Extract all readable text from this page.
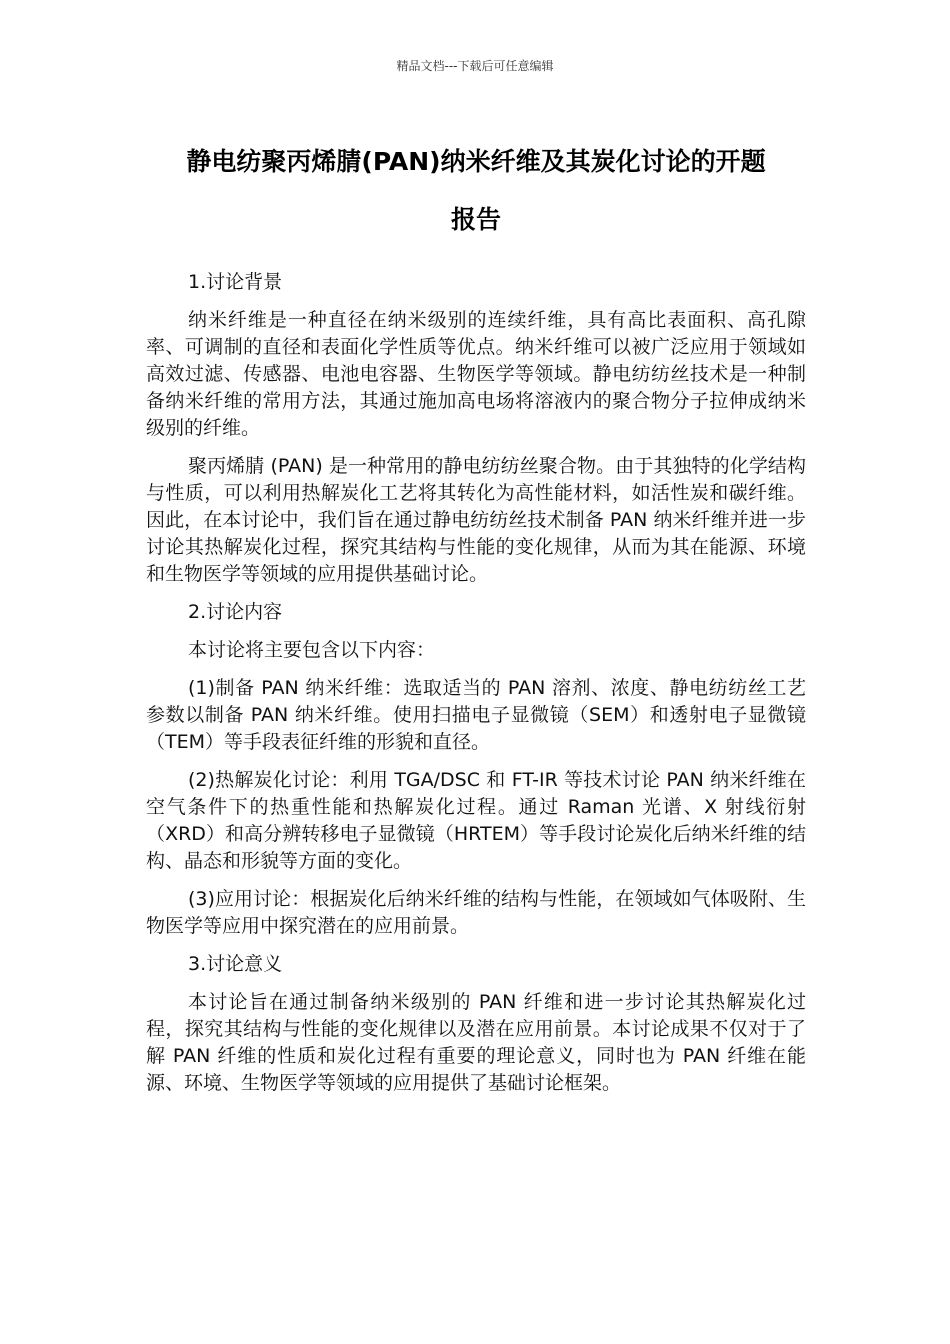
精品文档---下载后可任意编辑
静电纺聚丙烯腈(PAN)纳米纤维及其炭化讨论的开题
报告

1.讨论背景

纳米纤维是一种直径在纳米级别的连续纤维，具有高比表面积、高孔隙率、可调制的直径和表面化学性质等优点。纳米纤维可以被广泛应用于领域如高效过滤、传感器、电池电容器、生物医学等领域。静电纺纺丝技术是一种制备纳米纤维的常用方法，其通过施加高电场将溶液内的聚合物分子拉伸成纳米级别的纤维。

聚丙烯腈 (PAN) 是一种常用的静电纺纺丝聚合物。由于其独特的化学结构与性质，可以利用热解炭化工艺将其转化为高性能材料，如活性炭和碳纤维。因此，在本讨论中，我们旨在通过静电纺纺丝技术制备 PAN 纳米纤维并进一步讨论其热解炭化过程，探究其结构与性能的变化规律，从而为其在能源、环境和生物医学等领域的应用提供基础讨论。

2.讨论内容

本讨论将主要包含以下内容：

(1)制备 PAN 纳米纤维：选取适当的 PAN 溶剂、浓度、静电纺纺丝工艺参数以制备 PAN 纳米纤维。使用扫描电子显微镜（SEM）和透射电子显微镜（TEM）等手段表征纤维的形貌和直径。

(2)热解炭化讨论：利用 TGA/DSC 和 FT-IR 等技术讨论 PAN 纳米纤维在空气条件下的热重性能和热解炭化过程。通过 Raman 光谱、X 射线衍射（XRD）和高分辨转移电子显微镜（HRTEM）等手段讨论炭化后纳米纤维的结构、晶态和形貌等方面的变化。

(3)应用讨论：根据炭化后纳米纤维的结构与性能，在领域如气体吸附、生物医学等应用中探究潜在的应用前景。

3.讨论意义

本讨论旨在通过制备纳米级别的 PAN 纤维和进一步讨论其热解炭化过程，探究其结构与性能的变化规律以及潜在应用前景。本讨论成果不仅对于了解 PAN 纤维的性质和炭化过程有重要的理论意义，同时也为 PAN 纤维在能源、环境、生物医学等领域的应用提供了基础讨论框架。
